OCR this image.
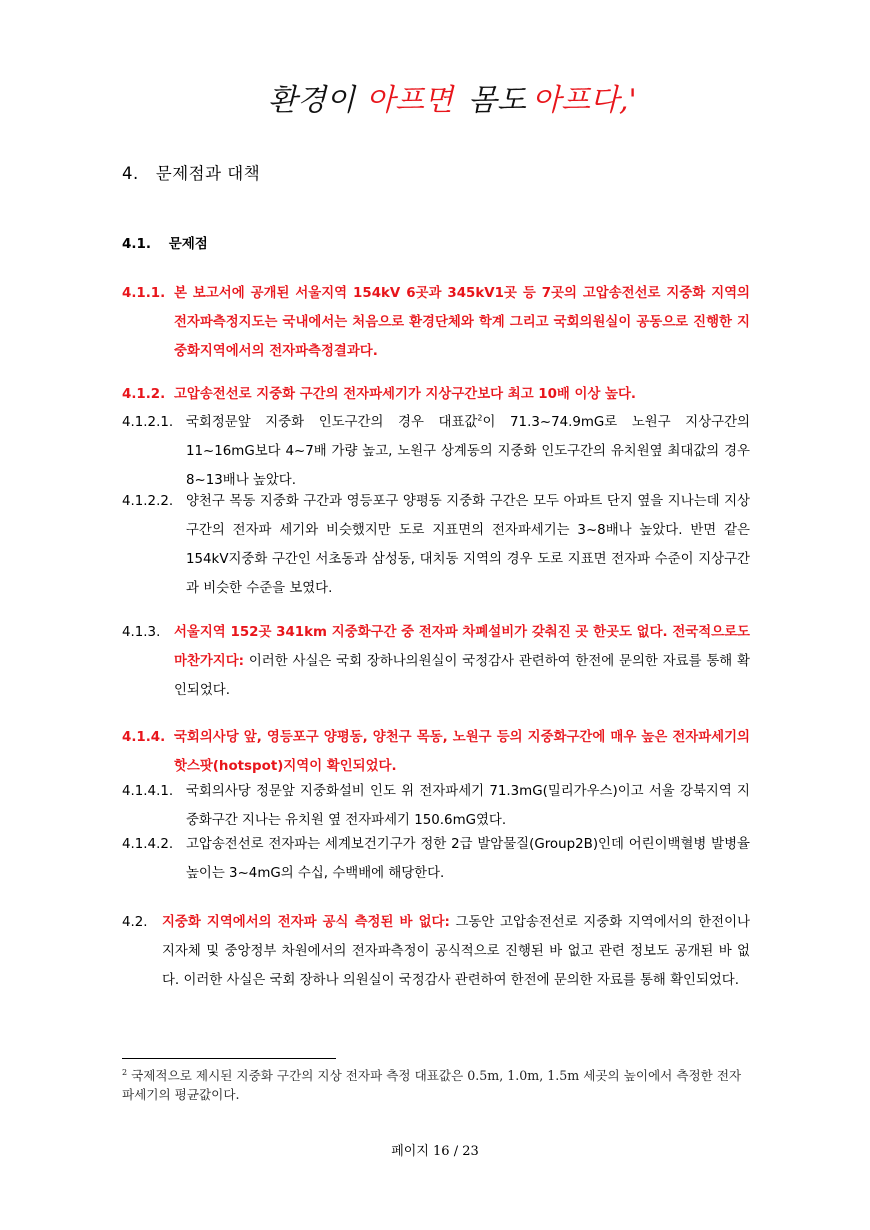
환경이 아프면 몸도 아프다,'
4. 문제점과 대책
4.1. 문제점
4.1.1. 본 보고서에 공개된 서울지역 154kV 6곳과 345kV1곳 등 7곳의 고압송전선로 지중화 지역의 전자파측정지도는 국내에서는 처음으로 환경단체와 학계 그리고 국회의원실이 공동으로 진행한 지중화지역에서의 전자파측정결과다.
4.1.2. 고압송전선로 지중화 구간의 전자파세기가 지상구간보다 최고 10배 이상 높다.
4.1.2.1. 국회정문앞 지중화 인도구간의 경우 대표값$^2$이 71.3~74.9mG로 노원구 지상구간의 11~16mG보다 4~7배 가량 높고, 노원구 상계동의 지중화 인도구간의 유치원옆 최대값의 경우 8~13배나 높았다.
4.1.2.2. 양천구 목동 지중화 구간과 영등포구 양평동 지중화 구간은 모두 아파트 단지 옆을 지나는데 지상구간의 전자파 세기와 비슷했지만 도로 지표면의 전자파세기는 3~8배나 높았다. 반면 같은 154kV지중화 구간인 서초동과 삼성동, 대치동 지역의 경우 도로 지표면 전자파 수준이 지상구간과 비슷한 수준을 보였다.
4.1.3.	서울지역 152곳 341km 지중화구간 중 전자파 차폐설비가 갖춰진 곳 한곳도 없다. 전국적으로도 마찬가지다: 이러한 사실은 국회 장하나의원실이 국정감사 관련하여 한전에 문의한 자료를 통해 확인되었다.
4.1.4. 국회의사당 앞, 영등포구 양평동, 양천구 목동, 노원구 등의 지중화구간에 매우 높은 전자파세기의 핫스팟(hotspot)지역이 확인되었다.
4.1.4.1. 국회의사당 정문앞 지중화설비 인도 위 전자파세기 71.3mG(밀리가우스)이고 서울 강북지역 지중화구간 지나는 유치원 옆 전자파세기 150.6mG였다.
4.1.4.2. 고압송전선로 전자파는 세계보건기구가 정한 2급 발암물질(Group2B)인데 어린이백혈병 발병율 높이는 3~4mG의 수십, 수백배에 해당한다.
4.2.	지중화 지역에서의 전자파 공식 측정된 바 없다: 그동안 고압송전선로 지중화 지역에서의 한전이나 지자체 및 중앙정부 차원에서의 전자파측정이 공식적으로 진행된 바 없고 관련 정보도 공개된 바 없다. 이러한 사실은 국회 장하나 의원실이 국정감사 관련하여 한전에 문의한 자료를 통해 확인되었다.
$^2$ 국제적으로 제시된 지중화 구간의 지상 전자파 측정 대표값은 0.5m, 1.0m, 1.5m 세곳의 높이에서 측정한 전자파세기의 평균값이다.
페이지 16 / 23
